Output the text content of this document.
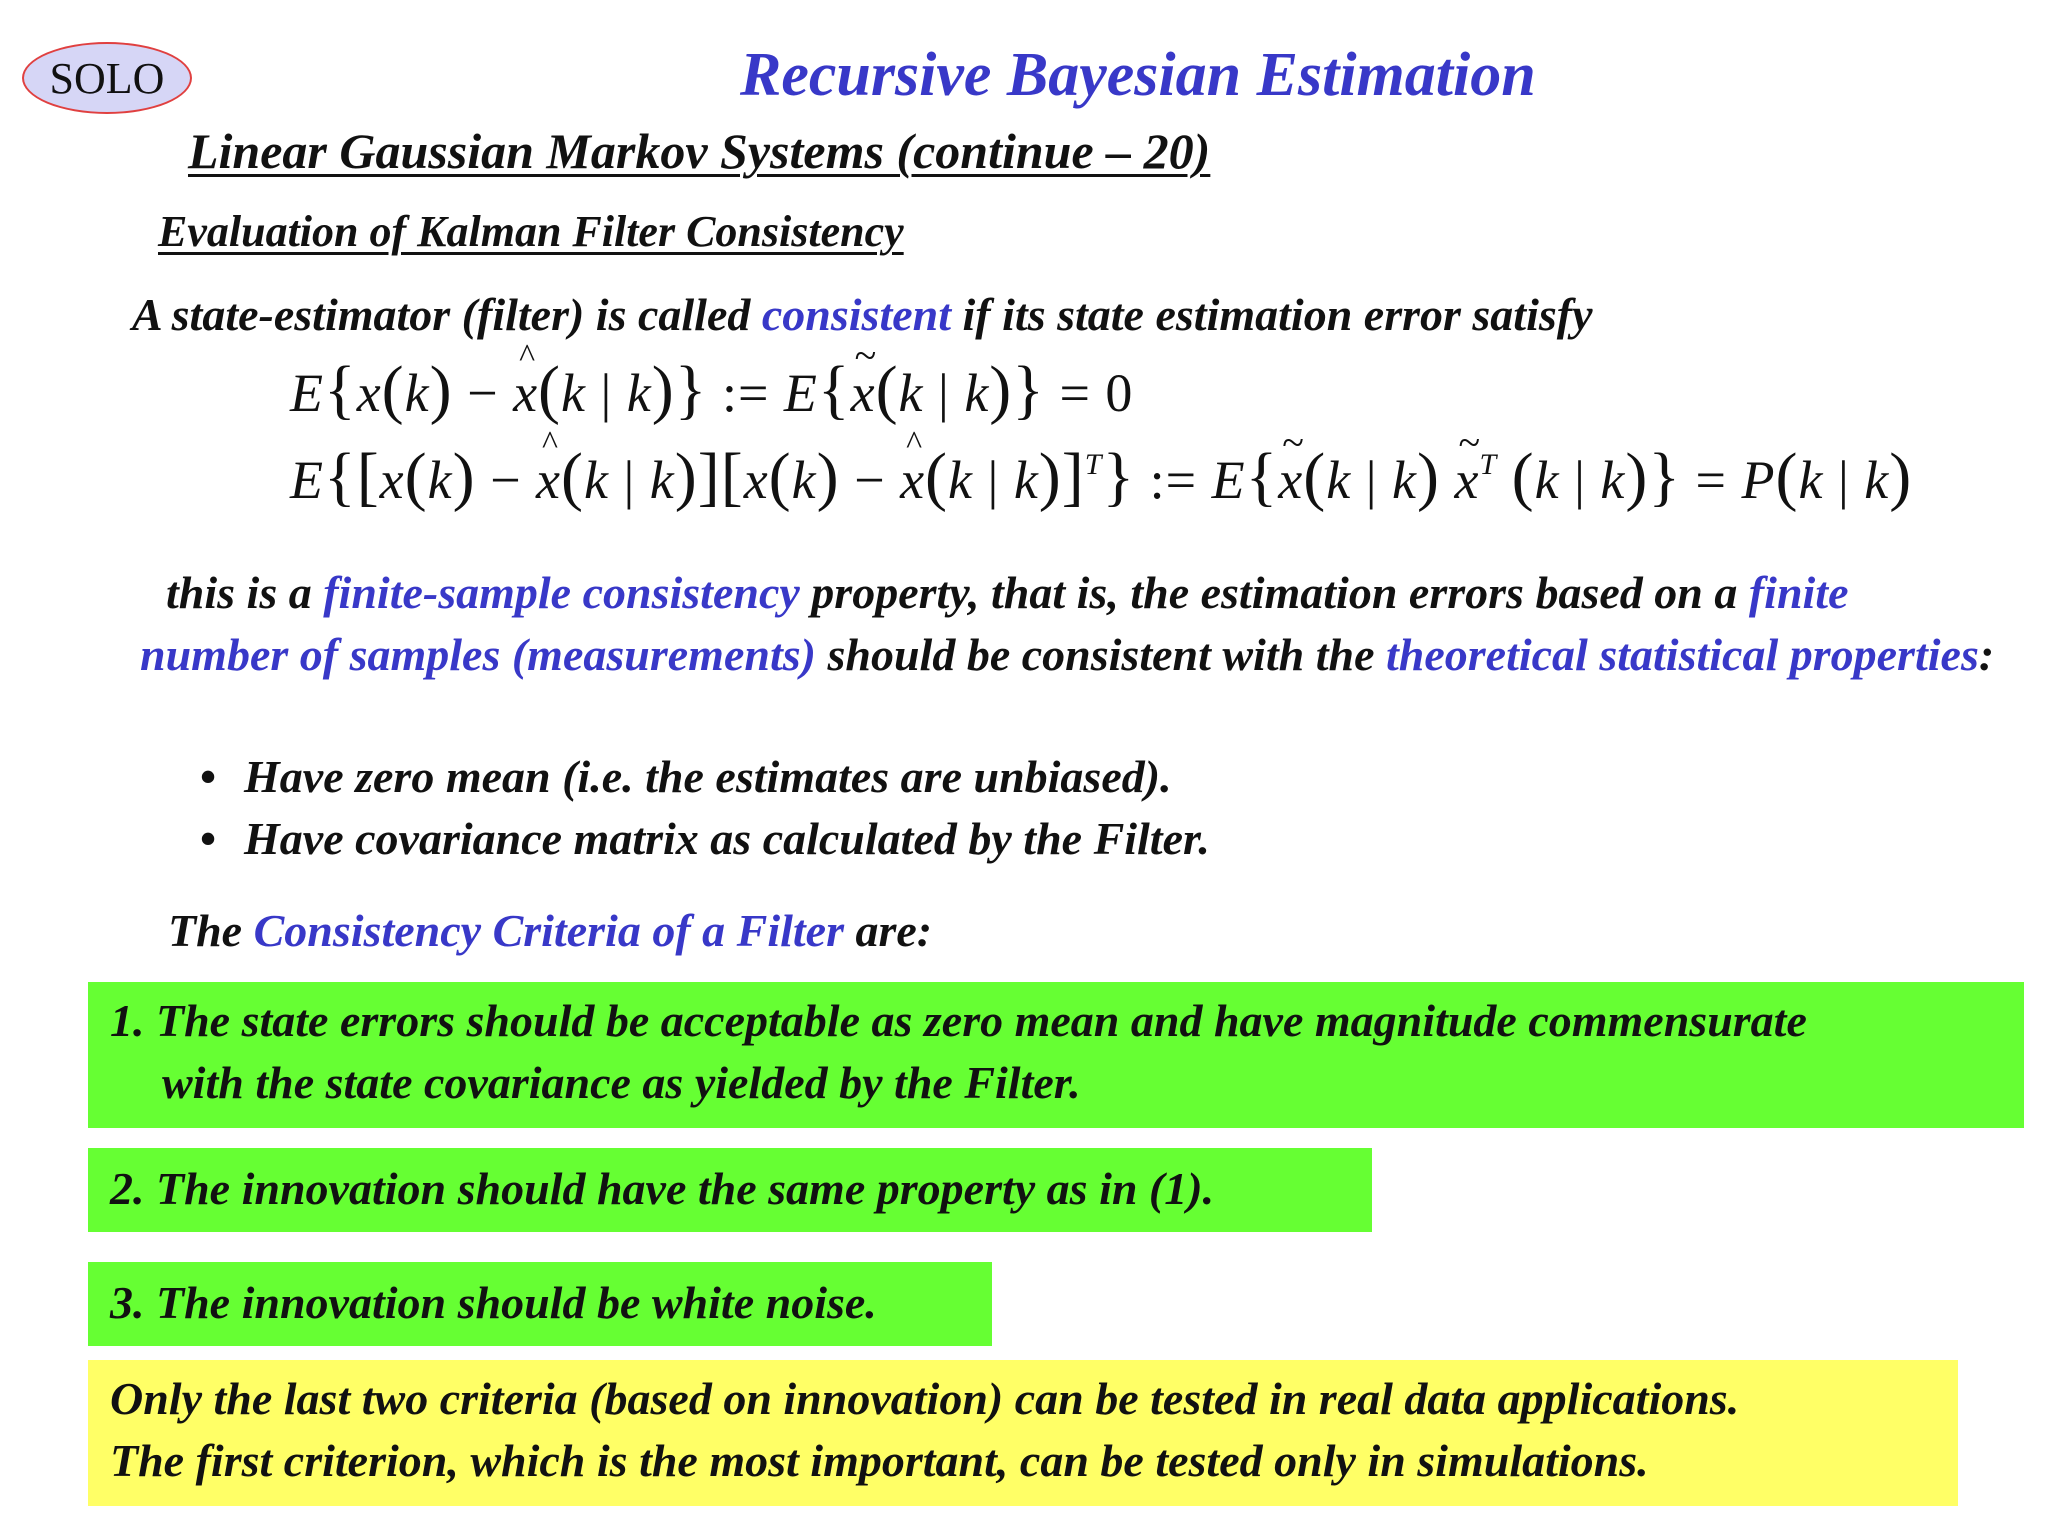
SOLO	Recursive Bayesian Estimation
Linear Gaussian Markov Systems (continue – 20)
Evaluation of Kalman Filter Consistency
A state-estimator (filter) is called consistent if its state estimation error satisfy
E{x(k) − ^ x(k | k)} := E{~ x(k | k)} = 0
E{[x(k) − ^ x(k | k)][x(k) − ^ x(k | k)]$^T$} := E{~ x(k | k) ~ $x^T$ (k | k)} = P(k | k)
this is a finite-sample consistency property, that is, the estimation errors based on a finite number of samples (measurements) should be consistent with the theoretical statistical properties:
• Have zero mean (i.e. the estimates are unbiased).
• Have covariance matrix as calculated by the Filter.
The Consistency Criteria of a Filter are:
1. The state errors should be acceptable as zero mean and have magnitude commensurate
with the state covariance as yielded by the Filter.
2. The innovation should have the same property as in (1).
3. The innovation should be white noise.
Only the last two criteria (based on innovation) can be tested in real data applications.
The first criterion, which is the most important, can be tested only in simulations.
